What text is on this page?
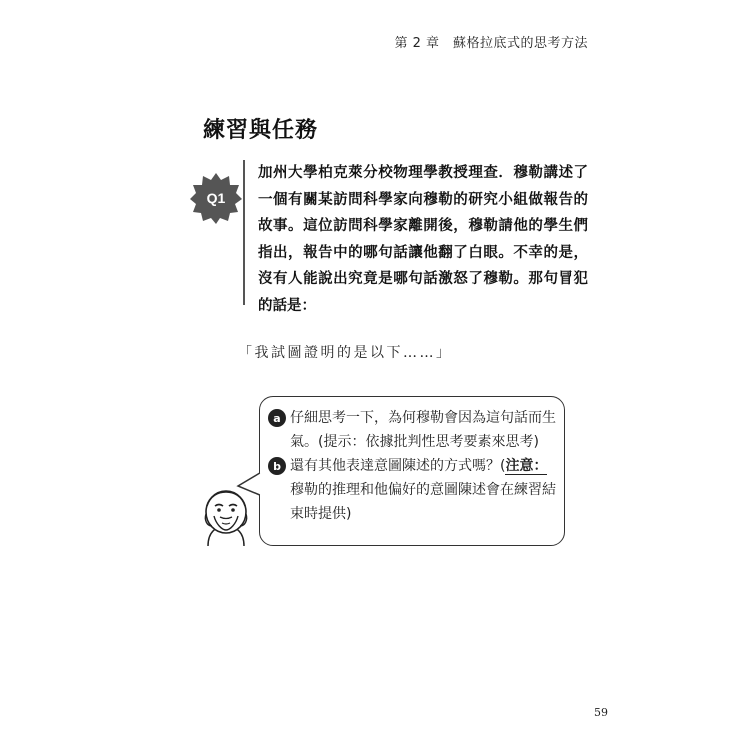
第 2 章　蘇格拉底式的思考方法
練習與任務
Q1
加州大學柏克萊分校物理學教授理查．穆勒講述了一個有關某訪問科學家向穆勒的研究小組做報告的故事。這位訪問科學家離開後，穆勒請他的學生們指出，報告中的哪句話讓他翻了白眼。不幸的是，沒有人能說出究竟是哪句話激怒了穆勒。那句冒犯的話是：
「我試圖證明的是以下……」
a 仔細思考一下，為何穆勒會因為這句話而生氣。(提示：依據批判性思考要素來思考)
b 還有其他表達意圖陳述的方式嗎？(注意：穆勒的推理和他偏好的意圖陳述會在練習結束時提供)
59
